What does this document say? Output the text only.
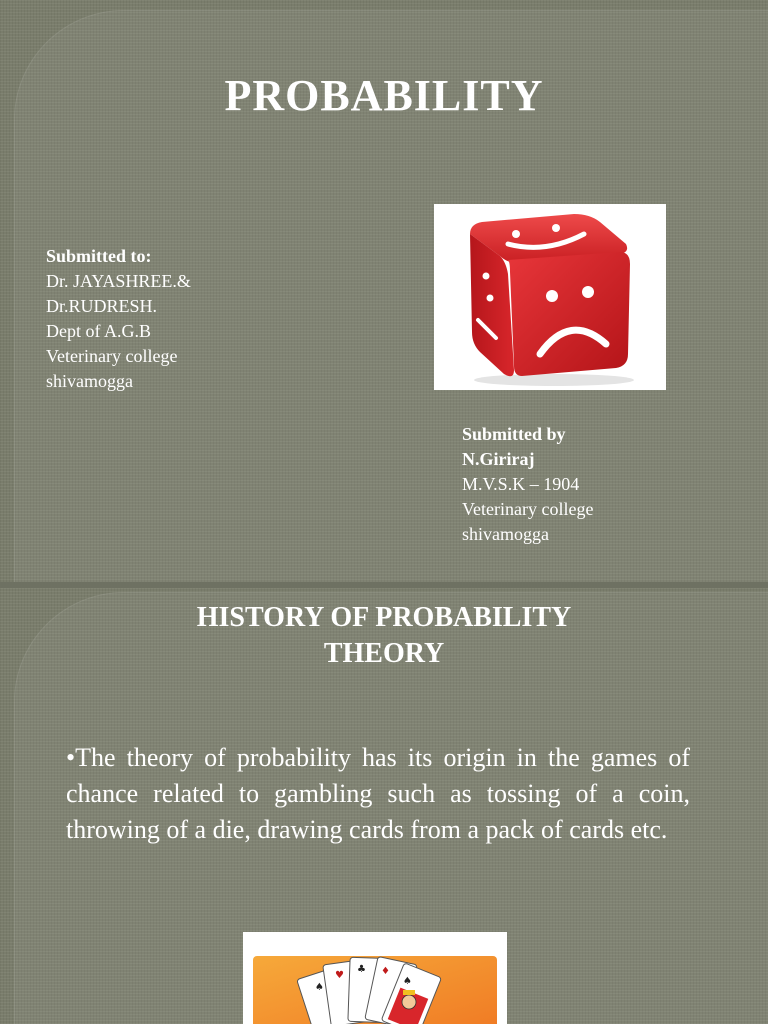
PROBABILITY
Submitted to:
Dr. JAYASHREE.&
Dr.RUDRESH.
Dept of A.G.B
Veterinary college
shivamogga
Submitted by
N.Giriraj
M.V.S.K – 1904
Veterinary college
shivamogga
HISTORY OF PROBABILITY
THEORY
•The theory of probability has its origin in the games of chance related to gambling such as tossing of a coin, throwing of a die, drawing cards from a pack of cards etc.
♠
♥
♣ ♦
♠
